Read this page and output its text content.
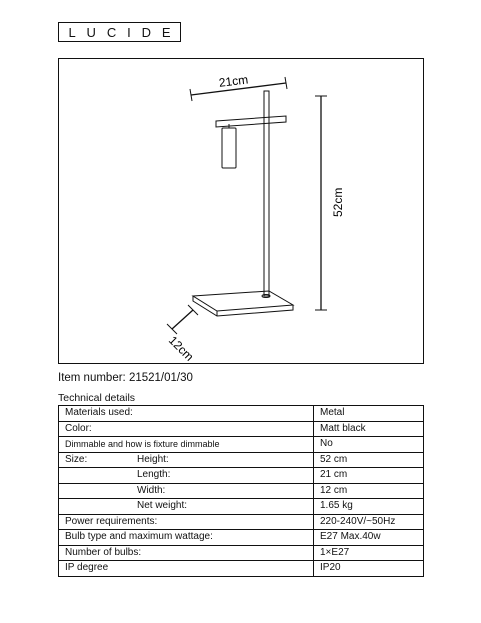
L U C I D E
21cm
52cm
12cm
Item number: 21521/01/30
Technical details
Materials used:	Metal
Color:	Matt black
Dimmable and how is fixture dimmable	No

Size: Height:	52 cm
Length:	21 cm
Width:	12 cm
Net weight:	1.65 kg
Power requirements:	220-240V/~50Hz
Bulb type and maximum wattage:	E27 Max.40w
Number of bulbs:	1×E27
IP degree	IP20
